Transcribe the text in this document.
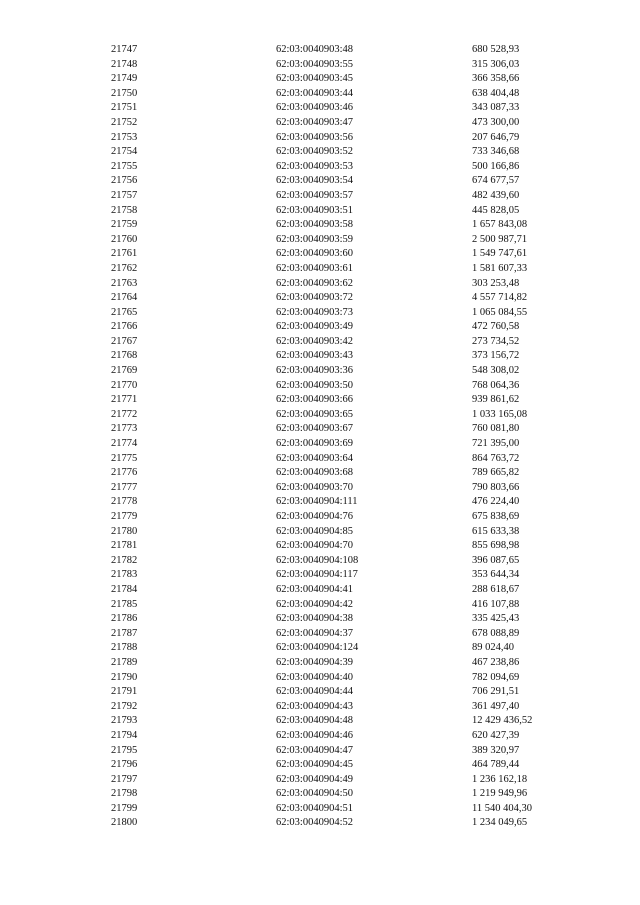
21747	62:03:0040903:48	680 528,93
21748	62:03:0040903:55	315 306,03
21749	62:03:0040903:45	366 358,66
21750	62:03:0040903:44	638 404,48
21751	62:03:0040903:46	343 087,33
21752	62:03:0040903:47	473 300,00
21753	62:03:0040903:56	207 646,79
21754	62:03:0040903:52	733 346,68
21755	62:03:0040903:53	500 166,86
21756	62:03:0040903:54	674 677,57
21757	62:03:0040903:57	482 439,60
21758	62:03:0040903:51	445 828,05
21759	62:03:0040903:58	1 657 843,08
21760	62:03:0040903:59	2 500 987,71
21761	62:03:0040903:60	1 549 747,61
21762	62:03:0040903:61	1 581 607,33
21763	62:03:0040903:62	303 253,48
21764	62:03:0040903:72	4 557 714,82
21765	62:03:0040903:73	1 065 084,55
21766	62:03:0040903:49	472 760,58
21767	62:03:0040903:42	273 734,52
21768	62:03:0040903:43	373 156,72
21769	62:03:0040903:36	548 308,02
21770	62:03:0040903:50	768 064,36
21771	62:03:0040903:66	939 861,62
21772	62:03:0040903:65	1 033 165,08
21773	62:03:0040903:67	760 081,80
21774	62:03:0040903:69	721 395,00
21775	62:03:0040903:64	864 763,72
21776	62:03:0040903:68	789 665,82
21777	62:03:0040903:70	790 803,66
21778	62:03:0040904:111	476 224,40
21779	62:03:0040904:76	675 838,69
21780	62:03:0040904:85	615 633,38
21781	62:03:0040904:70	855 698,98
21782	62:03:0040904:108	396 087,65
21783	62:03:0040904:117	353 644,34
21784	62:03:0040904:41	288 618,67
21785	62:03:0040904:42	416 107,88
21786	62:03:0040904:38	335 425,43
21787	62:03:0040904:37	678 088,89
21788	62:03:0040904:124	89 024,40
21789	62:03:0040904:39	467 238,86
21790	62:03:0040904:40	782 094,69
21791	62:03:0040904:44	706 291,51
21792	62:03:0040904:43	361 497,40
21793	62:03:0040904:48	12 429 436,52
21794	62:03:0040904:46	620 427,39
21795	62:03:0040904:47	389 320,97
21796	62:03:0040904:45	464 789,44
21797	62:03:0040904:49	1 236 162,18
21798	62:03:0040904:50	1 219 949,96
21799	62:03:0040904:51	11 540 404,30
21800	62:03:0040904:52	1 234 049,65
